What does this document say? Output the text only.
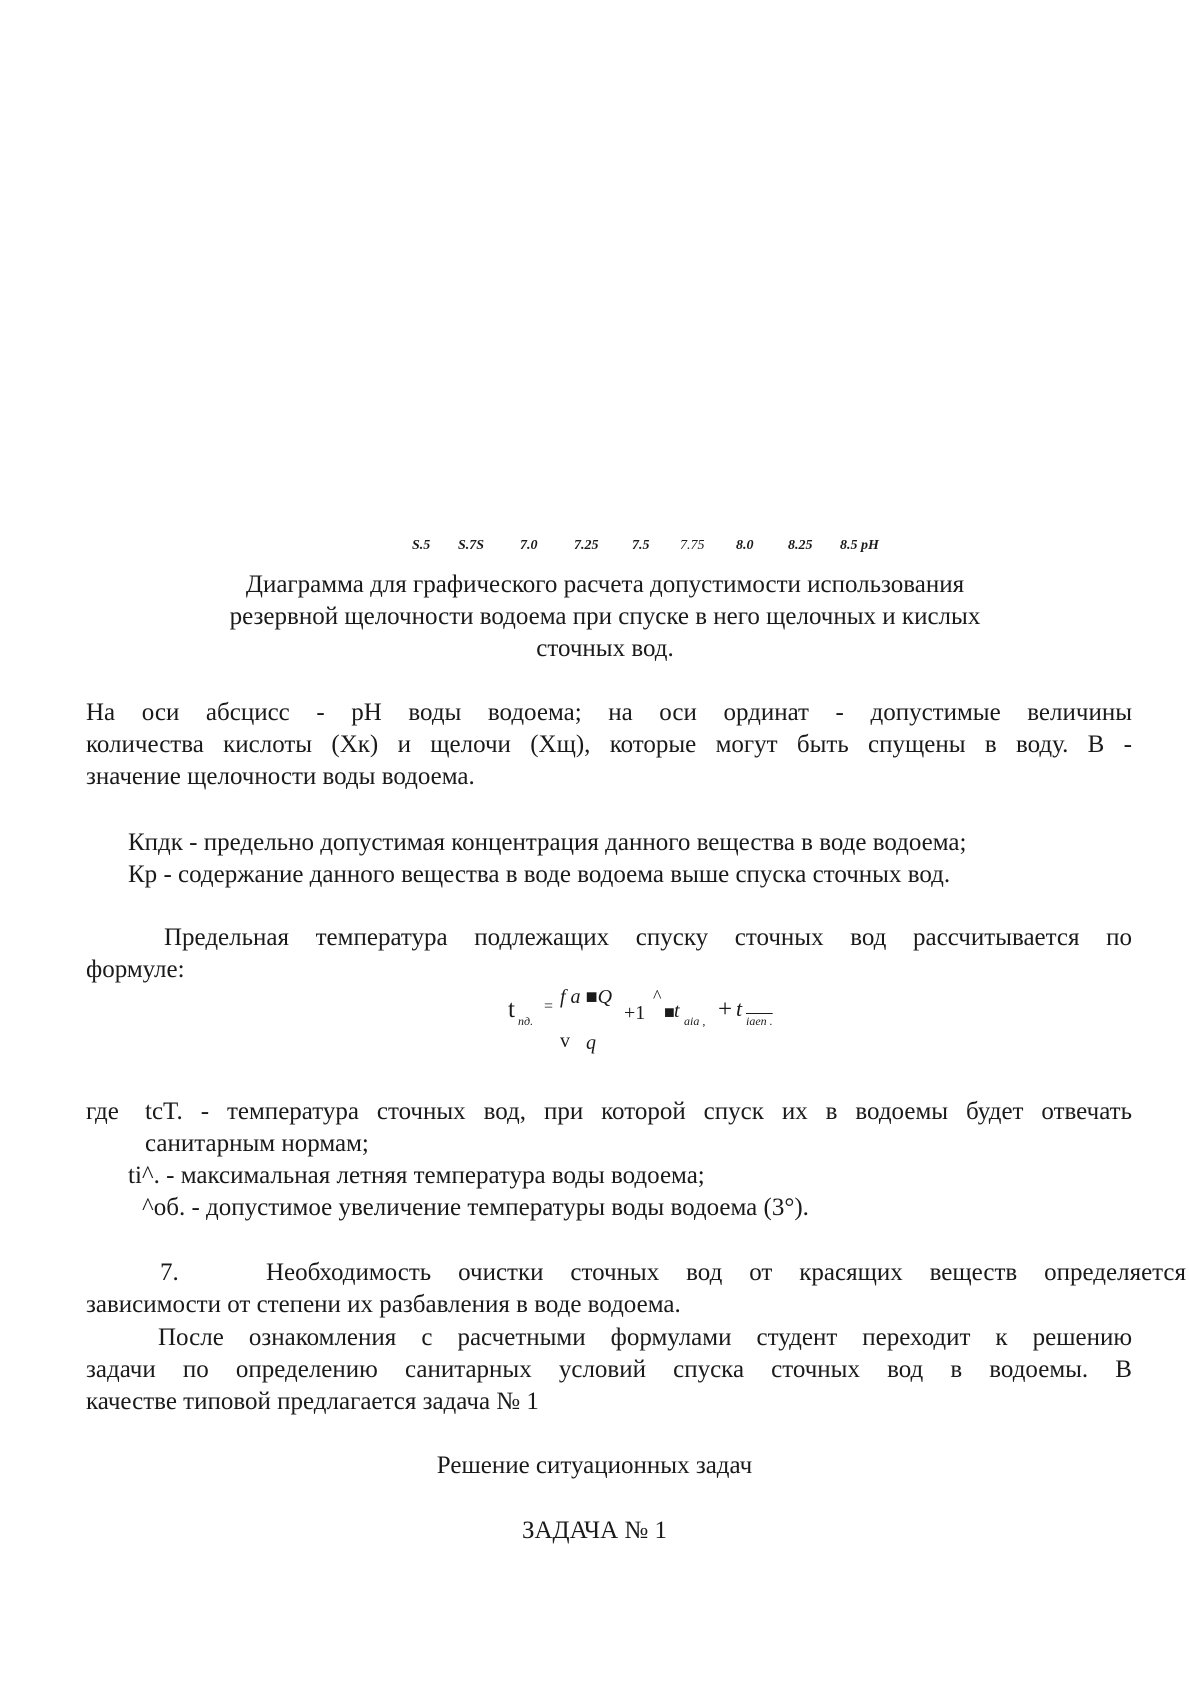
S.5 S.7S	7.0	7.25 7.5 7.75 8.0 8.25 8.5 pH
Диаграмма для графического расчета допустимости использования
резервной щелочности водоема при спуске в него щелочных и кислых
сточных вод.
На оси абсцисс - pH воды водоема; на оси ординат - допустимые величины
количества кислоты (Хк) и щелочи (Хщ), которые могут быть спущены в воду. В -
значение щелочности воды водоема.
Кпдк - предельно допустимая концентрация данного вещества в воде водоема;
Кр - содержание данного вещества в воде водоема выше спуска сточных вод.
Предельная температура подлежащих спуску сточных вод рассчитывается по
формуле:
t пд.
= f a ■Q
+1
^
■ t aia , + t iaen .
v q
где tcT. - температура сточных вод, при которой спуск их в водоемы будет отвечать
санитарным нормам;
ti^. - максимальная летняя температура воды водоема;
^об. - допустимое увеличение температуры воды водоема (3°).
7.	Необходимость очистки сточных вод от красящих веществ определяется
зависимости от степени их разбавления в воде водоема.
После ознакомления с расчетными формулами студент переходит к решению
задачи по определению санитарных условий спуска сточных вод в водоемы. В
качестве типовой предлагается задача № 1
Решение ситуационных задач
ЗАДАЧА № 1
